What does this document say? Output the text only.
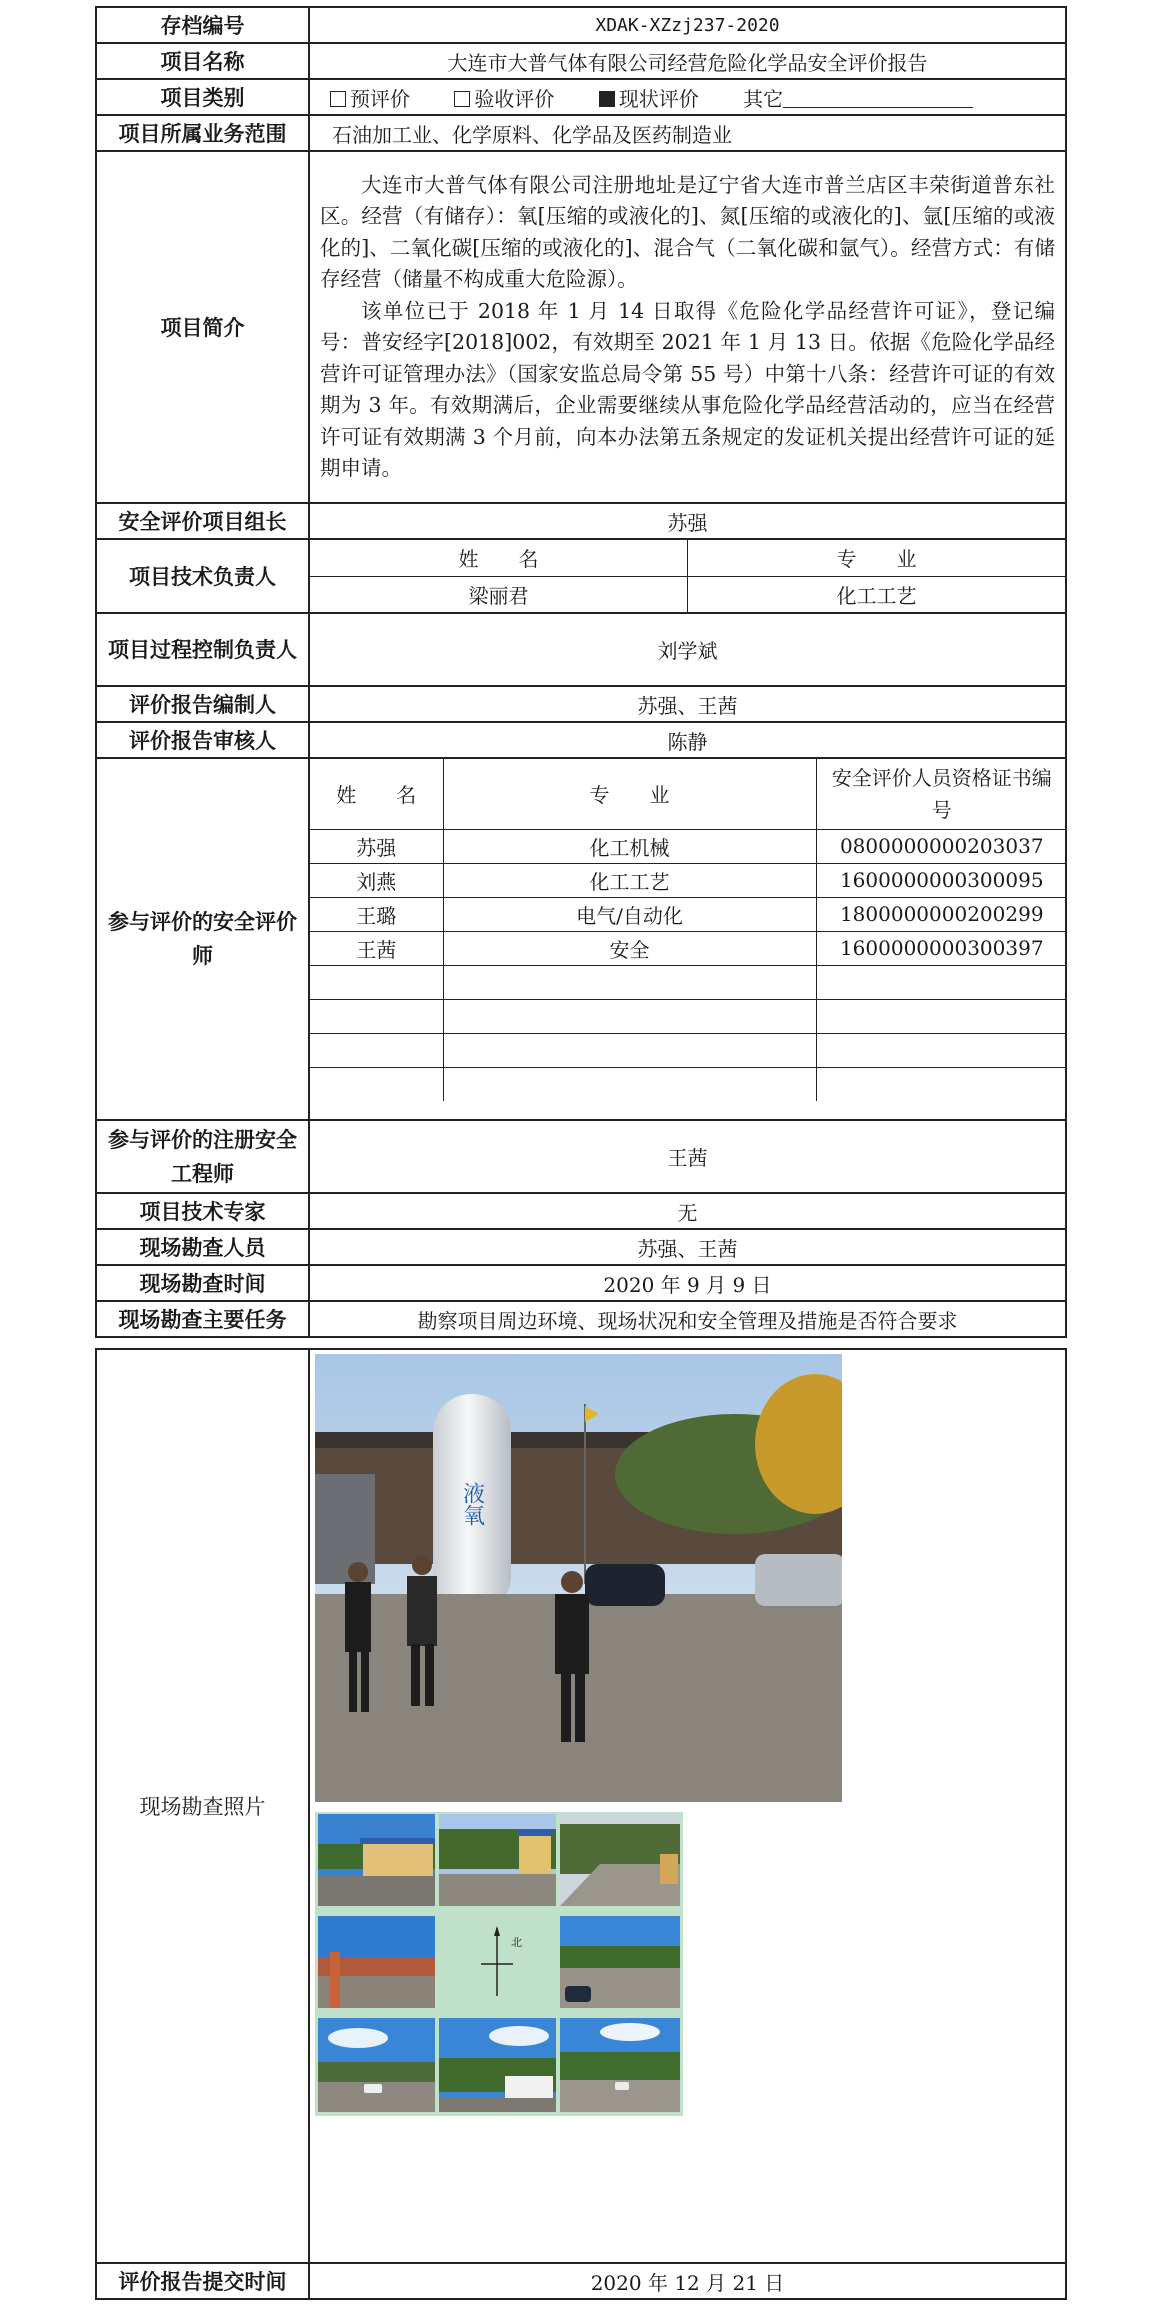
存档编号	XDAK-XZzj237-2020
项目名称	大连市大普气体有限公司经营危险化学品安全评价报告
项目类别	预评价	验收评价	现状评价 其它
项目所属业务范围	石油加工业、化学原料、化学品及医药制造业
项目简介	

大连市大普气体有限公司注册地址是辽宁省大连市普兰店区丰荣街道普东社区。经营（有储存）：氧[压缩的或液化的]、氮[压缩的或液化的]、氩[压缩的或液化的]、二氧化碳[压缩的或液化的]、混合气（二氧化碳和氩气）。经营方式：有储存经营（储量不构成重大危险源）。

该单位已于 2018 年 1 月 14 日取得《危险化学品经营许可证》，登记编号：普安经字[2018]002，有效期至 2021 年 1 月 13 日。依据《危险化学品经营许可证管理办法》（国家安监总局令第 55 号）中第十八条：经营许可证的有效期为 3 年。有效期满后，企业需要继续从事危险化学品经营活动的，应当在经营许可证有效期满 3 个月前，向本办法第五条规定的发证机关提出经营许可证的延期申请。

安全评价项目组长	苏强
项目技术负责人	
姓　　名	专　　业
梁丽君	化工工艺

项目过程控制负责人	刘学斌
评价报告编制人	苏强、王茜
评价报告审核人	陈静
参与评价的安全评价师	
姓　　名	专　　业	安全评价人员资格证书编号
苏强	化工机械	0800000000203037
刘燕	化工工艺	1600000000300095
王璐	电气/自动化	1800000000200299
王茜	安全	1600000000300397

参与评价的注册安全工程师	王茜
项目技术专家	无
现场勘查人员	苏强、王茜
现场勘查时间	2020 年 9 月 9 日
现场勘查主要任务	勘察项目周边环境、现场状况和安全管理及措施是否符合要求
现场勘查照片	液氧
北

评价报告提交时间	2020 年 12 月 21 日
